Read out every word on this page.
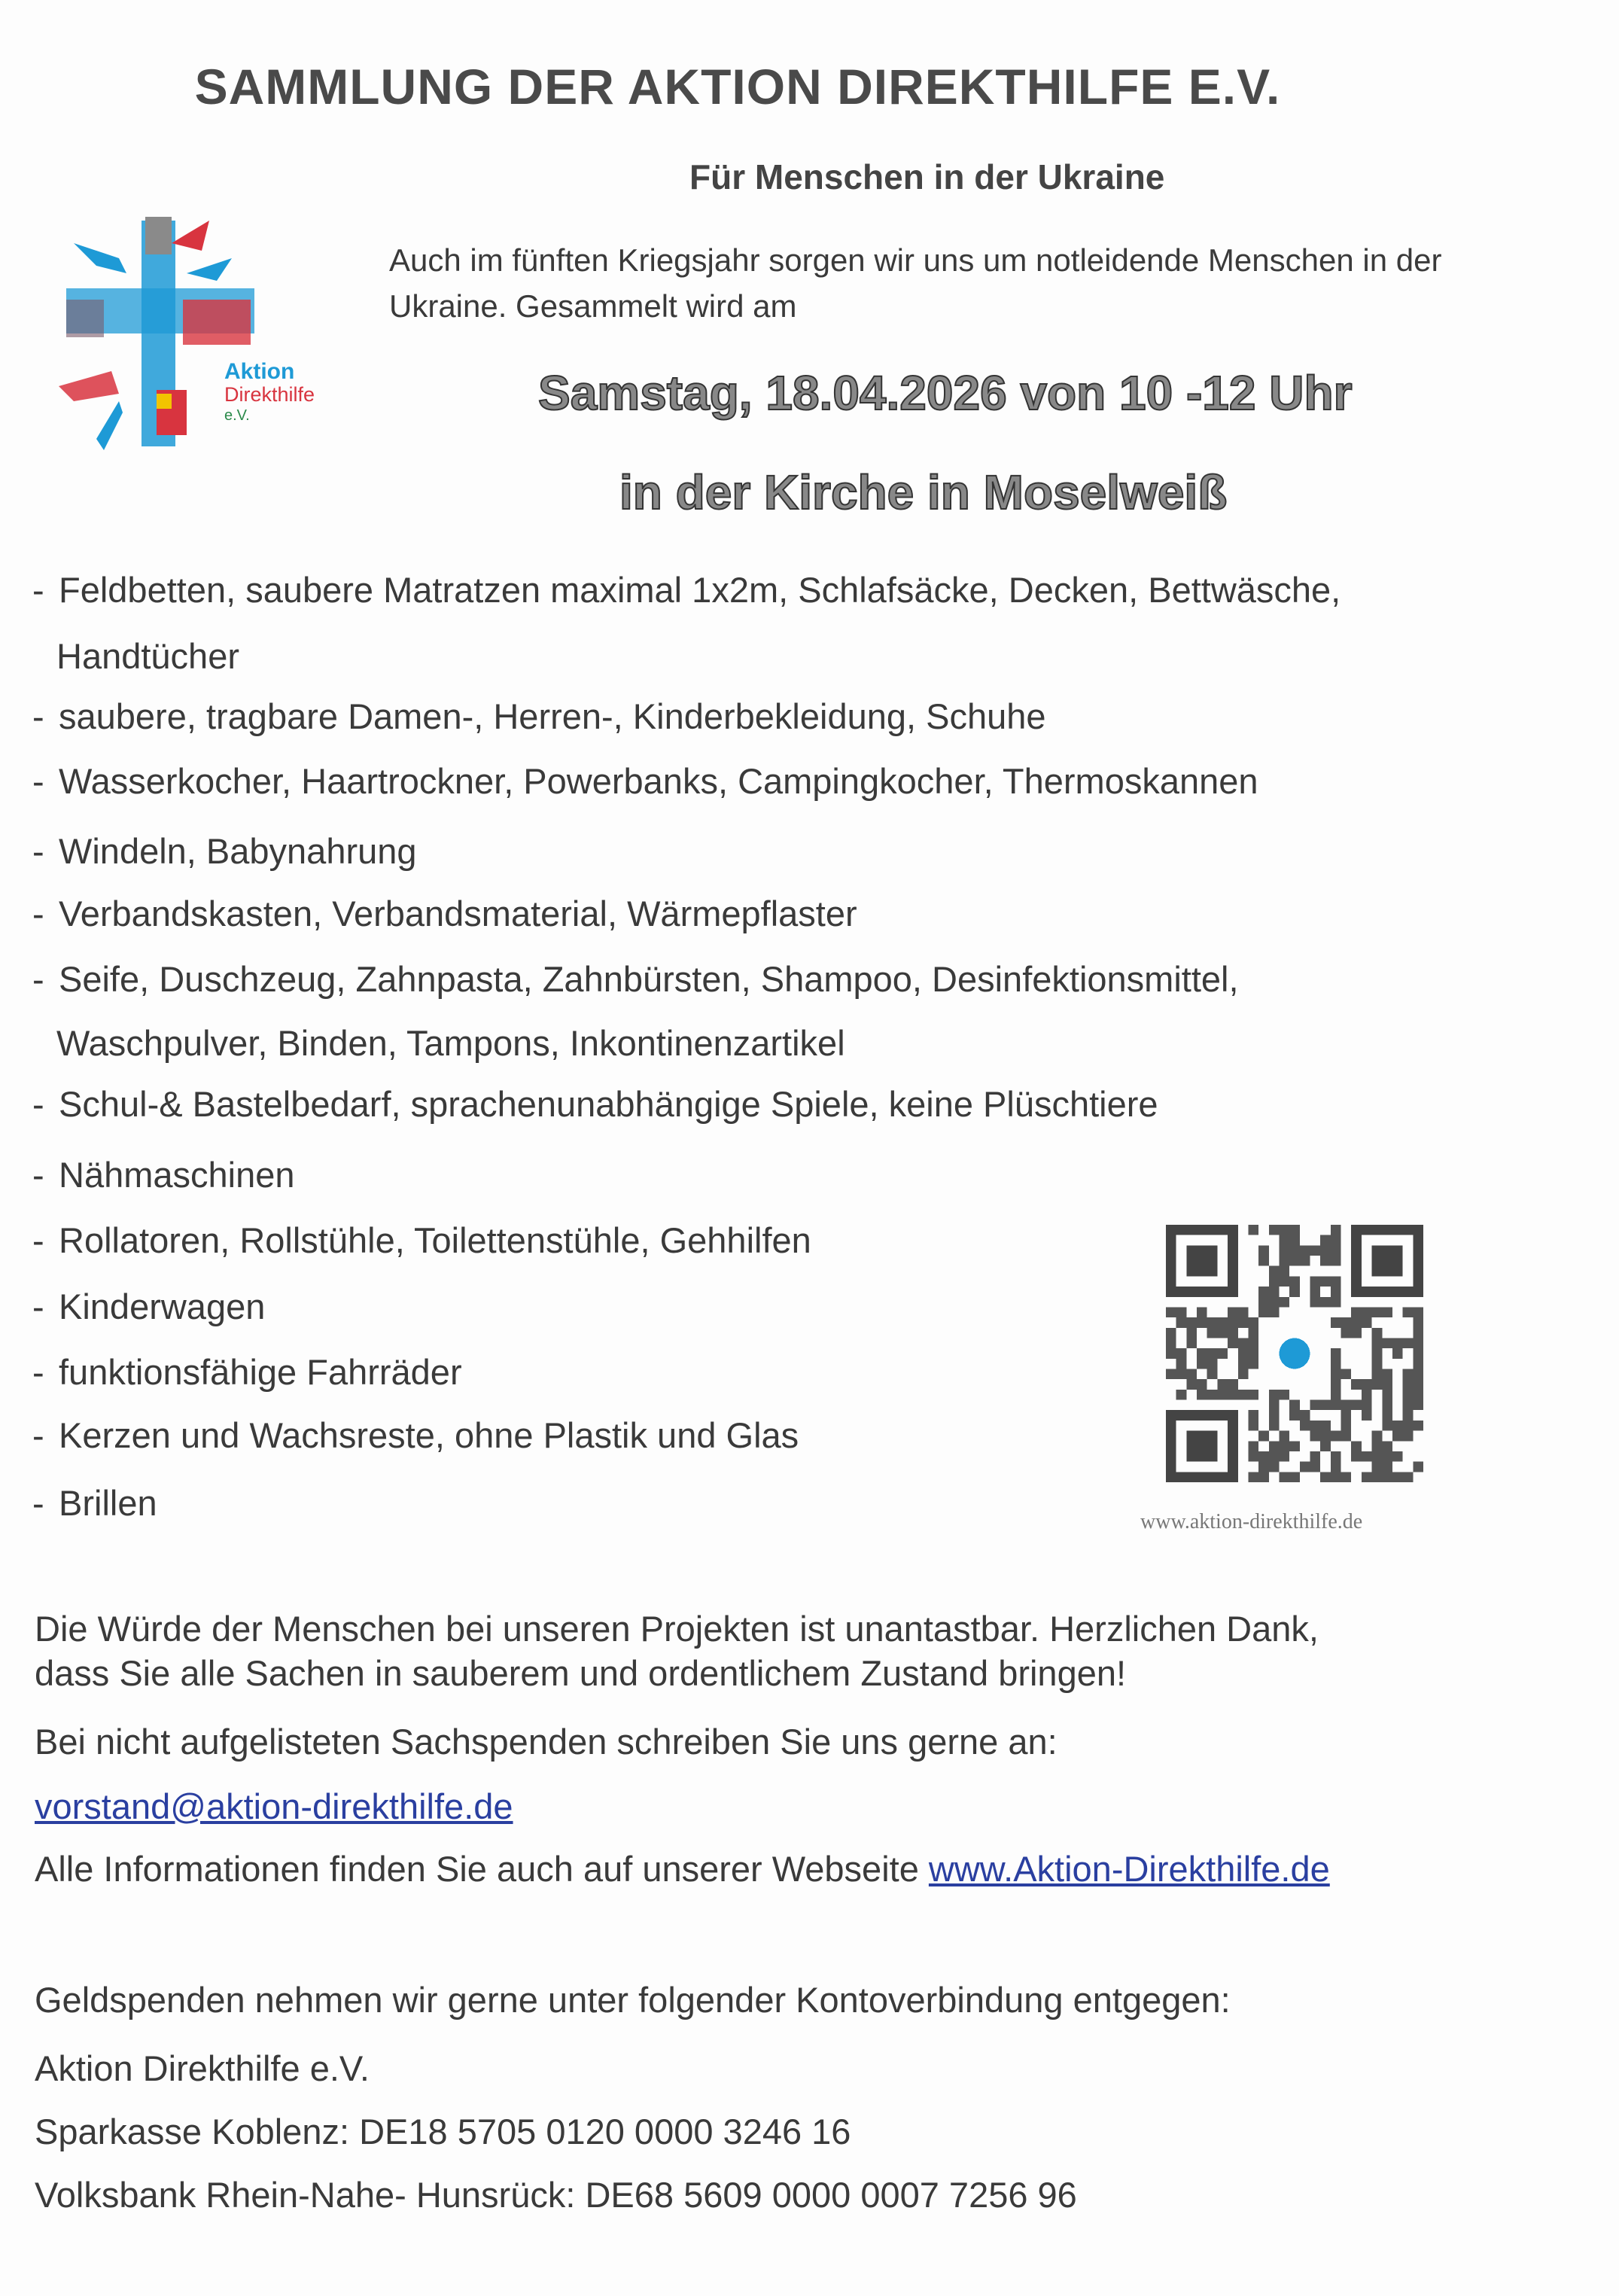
SAMMLUNG DER AKTION DIREKTHILFE E.V.
Für Menschen in der Ukraine
Aktion
Direkthilfe
e.V.
Auch im fünften Kriegsjahr sorgen wir uns um notleidende Menschen in der
Ukraine. Gesammelt wird am
Samstag, 18.04.2026 von 10 -12 Uhr
in der Kirche in Moselweiß
- Feldbetten, saubere Matratzen maximal 1x2m, Schlafsäcke, Decken, Bettwäsche,
Handtücher
- saubere, tragbare Damen-, Herren-, Kinderbekleidung, Schuhe
- Wasserkocher, Haartrockner, Powerbanks, Campingkocher, Thermoskannen
- Windeln, Babynahrung
- Verbandskasten, Verbandsmaterial, Wärmepflaster
- Seife, Duschzeug, Zahnpasta, Zahnbürsten, Shampoo, Desinfektionsmittel,
Waschpulver, Binden, Tampons, Inkontinenzartikel
- Schul-& Bastelbedarf, sprachenunabhängige Spiele, keine Plüschtiere
- Nähmaschinen
- Rollatoren, Rollstühle, Toilettenstühle, Gehhilfen
- Kinderwagen
- funktionsfähige Fahrräder
- Kerzen und Wachsreste, ohne Plastik und Glas
- Brillen	www.aktion-direkthilfe.de
Die Würde der Menschen bei unseren Projekten ist unantastbar. Herzlichen Dank,
dass Sie alle Sachen in sauberem und ordentlichem Zustand bringen!
Bei nicht aufgelisteten Sachspenden schreiben Sie uns gerne an:
vorstand@aktion-direkthilfe.de
Alle Informationen finden Sie auch auf unserer Webseite www.Aktion-Direkthilfe.de
Geldspenden nehmen wir gerne unter folgender Kontoverbindung entgegen:
Aktion Direkthilfe e.V.
Sparkasse Koblenz: DE18 5705 0120 0000 3246 16
Volksbank Rhein-Nahe- Hunsrück: DE68 5609 0000 0007 7256 96
